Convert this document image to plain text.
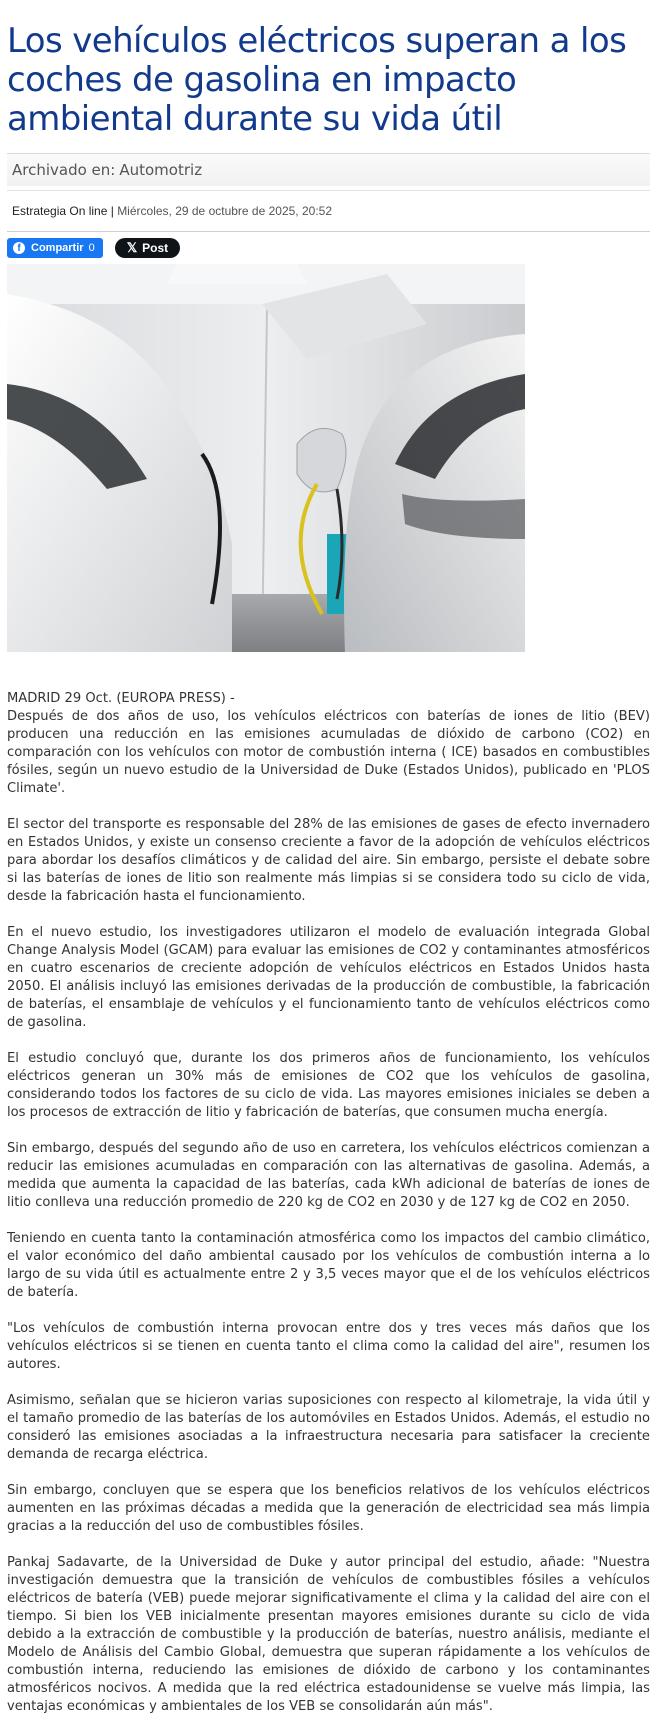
Los vehículos eléctricos superan a los coches de gasolina en impacto ambiental durante su vida útil
Archivado en: Automotriz
Estrategia On line | Miércoles, 29 de octubre de 2025, 20:52
f Compartir 0 𝕏 Post
MADRID 29 Oct. (EUROPA PRESS) -

Después de dos años de uso, los vehículos eléctricos con baterías de iones de litio (BEV) producen una reducción en las emisiones acumuladas de dióxido de carbono (CO2) en comparación con los vehículos con motor de combustión interna ( ICE) basados en combustibles fósiles, según un nuevo estudio de la Universidad de Duke (Estados Unidos), publicado en 'PLOS Climate'.

El sector del transporte es responsable del 28% de las emisiones de gases de efecto invernadero en Estados Unidos, y existe un consenso creciente a favor de la adopción de vehículos eléctricos para abordar los desafíos climáticos y de calidad del aire. Sin embargo, persiste el debate sobre si las baterías de iones de litio son realmente más limpias si se considera todo su ciclo de vida, desde la fabricación hasta el funcionamiento.

En el nuevo estudio, los investigadores utilizaron el modelo de evaluación integrada Global Change Analysis Model (GCAM) para evaluar las emisiones de CO2 y contaminantes atmosféricos en cuatro escenarios de creciente adopción de vehículos eléctricos en Estados Unidos hasta 2050. El análisis incluyó las emisiones derivadas de la producción de combustible, la fabricación de baterías, el ensamblaje de vehículos y el funcionamiento tanto de vehículos eléctricos como de gasolina.

El estudio concluyó que, durante los dos primeros años de funcionamiento, los vehículos eléctricos generan un 30% más de emisiones de CO2 que los vehículos de gasolina, considerando todos los factores de su ciclo de vida. Las mayores emisiones iniciales se deben a los procesos de extracción de litio y fabricación de baterías, que consumen mucha energía.

Sin embargo, después del segundo año de uso en carretera, los vehículos eléctricos comienzan a reducir las emisiones acumuladas en comparación con las alternativas de gasolina. Además, a medida que aumenta la capacidad de las baterías, cada kWh adicional de baterías de iones de litio conlleva una reducción promedio de 220 kg de CO2 en 2030 y de 127 kg de CO2 en 2050.

Teniendo en cuenta tanto la contaminación atmosférica como los impactos del cambio climático, el valor económico del daño ambiental causado por los vehículos de combustión interna a lo largo de su vida útil es actualmente entre 2 y 3,5 veces mayor que el de los vehículos eléctricos de batería.

"Los vehículos de combustión interna provocan entre dos y tres veces más daños que los vehículos eléctricos si se tienen en cuenta tanto el clima como la calidad del aire", resumen los autores.

Asimismo, señalan que se hicieron varias suposiciones con respecto al kilometraje, la vida útil y el tamaño promedio de las baterías de los automóviles en Estados Unidos. Además, el estudio no consideró las emisiones asociadas a la infraestructura necesaria para satisfacer la creciente demanda de recarga eléctrica.

Sin embargo, concluyen que se espera que los beneficios relativos de los vehículos eléctricos aumenten en las próximas décadas a medida que la generación de electricidad sea más limpia gracias a la reducción del uso de combustibles fósiles.

Pankaj Sadavarte, de la Universidad de Duke y autor principal del estudio, añade: "Nuestra investigación demuestra que la transición de vehículos de combustibles fósiles a vehículos eléctricos de batería (VEB) puede mejorar significativamente el clima y la calidad del aire con el tiempo. Si bien los VEB inicialmente presentan mayores emisiones durante su ciclo de vida debido a la extracción de combustible y la producción de baterías, nuestro análisis, mediante el Modelo de Análisis del Cambio Global, demuestra que superan rápidamente a los vehículos de combustión interna, reduciendo las emisiones de dióxido de carbono y los contaminantes atmosféricos nocivos. A medida que la red eléctrica estadounidense se vuelve más limpia, las ventajas económicas y ambientales de los VEB se consolidarán aún más".
